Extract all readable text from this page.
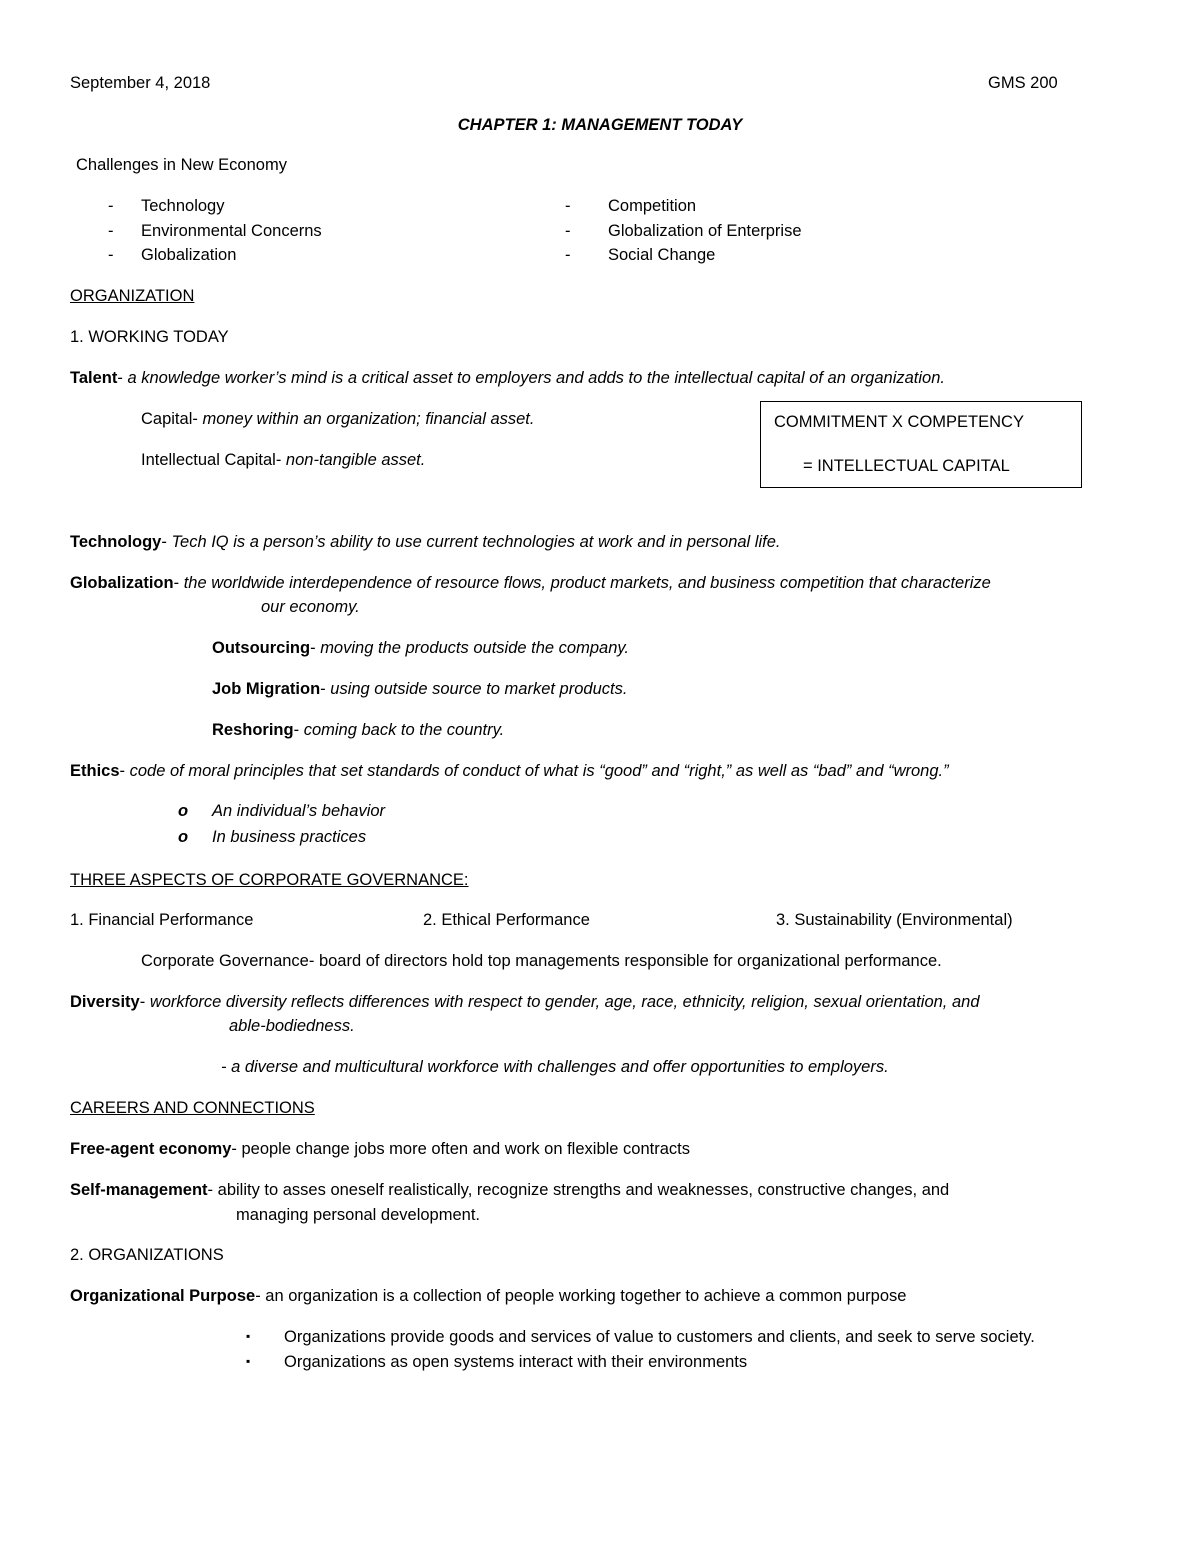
September 4, 2018	GMS 200
CHAPTER 1: MANAGEMENT TODAY
Challenges in New Economy
- Technology
- Environmental Concerns
- Globalization
- Competition
- Globalization of Enterprise
- Social Change
ORGANIZATION
1. WORKING TODAY
Talent- a knowledge worker’s mind is a critical asset to employers and adds to the intellectual capital of an organization.
Capital- money within an organization; financial asset.
Intellectual Capital- non-tangible asset.
COMMITMENT X COMPETENCY
= INTELLECTUAL CAPITAL
Technology- Tech IQ is a person’s ability to use current technologies at work and in personal life.
Globalization- the worldwide interdependence of resource flows, product markets, and business competition that characterize
our economy.
Outsourcing- moving the products outside the company.
Job Migration- using outside source to market products.
Reshoring- coming back to the country.
Ethics- code of moral principles that set standards of conduct of what is “good” and “right,” as well as “bad” and “wrong.”
o An individual’s behavior
o In business practices
THREE ASPECTS OF CORPORATE GOVERNANCE:
1. Financial Performance	2. Ethical Performance	3. Sustainability (Environmental)
Corporate Governance- board of directors hold top managements responsible for organizational performance.
Diversity- workforce diversity reflects differences with respect to gender, age, race, ethnicity, religion, sexual orientation, and
able-bodiedness.
- a diverse and multicultural workforce with challenges and offer opportunities to employers.
CAREERS AND CONNECTIONS
Free-agent economy- people change jobs more often and work on flexible contracts
Self-management- ability to asses oneself realistically, recognize strengths and weaknesses, constructive changes, and
managing personal development.
2. ORGANIZATIONS
Organizational Purpose- an organization is a collection of people working together to achieve a common purpose
▪ Organizations provide goods and services of value to customers and clients, and seek to serve society.
▪ Organizations as open systems interact with their environments
